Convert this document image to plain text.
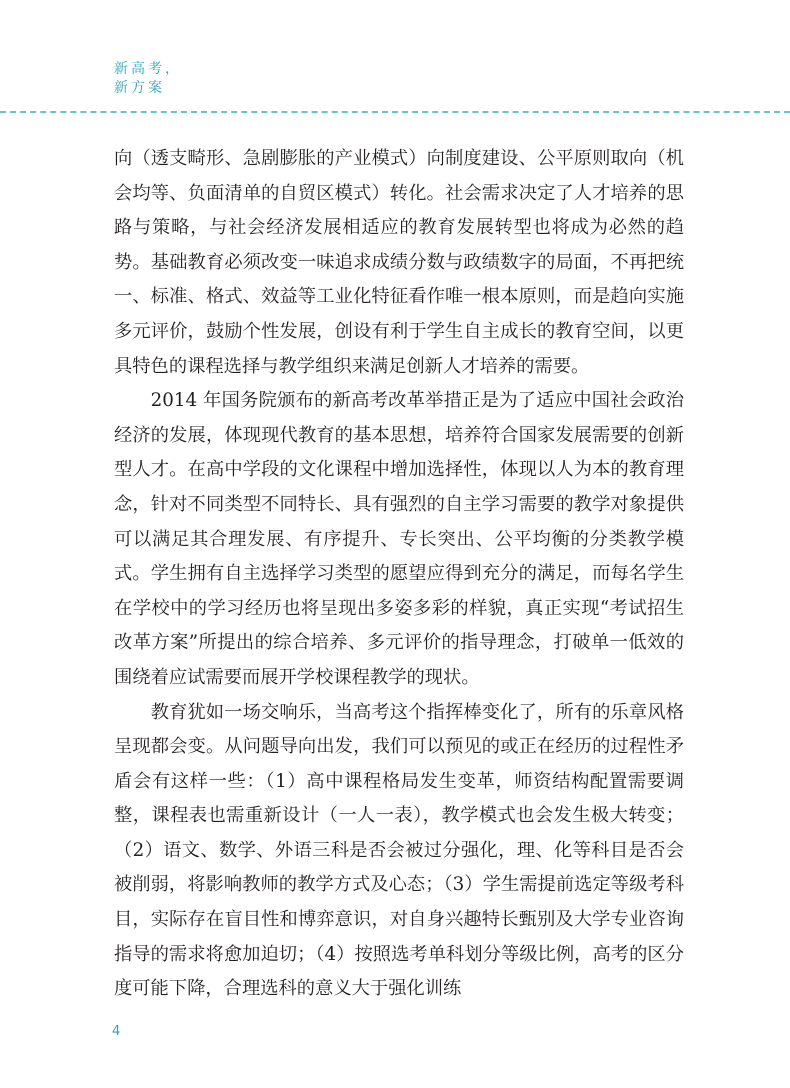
新高考，
新方案

向（透支畸形、急剧膨胀的产业模式）向制度建设、公平原则取向（机会均等、负面清单的自贸区模式）转化。社会需求决定了人才培养的思路与策略，与社会经济发展相适应的教育发展转型也将成为必然的趋势。基础教育必须改变一味追求成绩分数与政绩数字的局面，不再把统一、标准、格式、效益等工业化特征看作唯一根本原则，而是趋向实施多元评价，鼓励个性发展，创设有利于学生自主成长的教育空间，以更具特色的课程选择与教学组织来满足创新人才培养的需要。

2014 年国务院颁布的新高考改革举措正是为了适应中国社会政治经济的发展，体现现代教育的基本思想，培养符合国家发展需要的创新型人才。在高中学段的文化课程中增加选择性，体现以人为本的教育理念，针对不同类型不同特长、具有强烈的自主学习需要的教学对象提供可以满足其合理发展、有序提升、专长突出、公平均衡的分类教学模式。学生拥有自主选择学习类型的愿望应得到充分的满足，而每名学生在学校中的学习经历也将呈现出多姿多彩的样貌，真正实现“考试招生改革方案”所提出的综合培养、多元评价的指导理念，打破单一低效的围绕着应试需要而展开学校课程教学的现状。

教育犹如一场交响乐，当高考这个指挥棒变化了，所有的乐章风格呈现都会变。从问题导向出发，我们可以预见的或正在经历的过程性矛盾会有这样一些：（1）高中课程格局发生变革，师资结构配置需要调整，课程表也需重新设计（一人一表），教学模式也会发生极大转变；（2）语文、数学、外语三科是否会被过分强化，理、化等科目是否会被削弱，将影响教师的教学方式及心态；（3）学生需提前选定等级考科目，实际存在盲目性和博弈意识，对自身兴趣特长甄别及大学专业咨询指导的需求将愈加迫切；（4）按照选考单科划分等级比例，高考的区分度可能下降，合理选科的意义大于强化训练

4
